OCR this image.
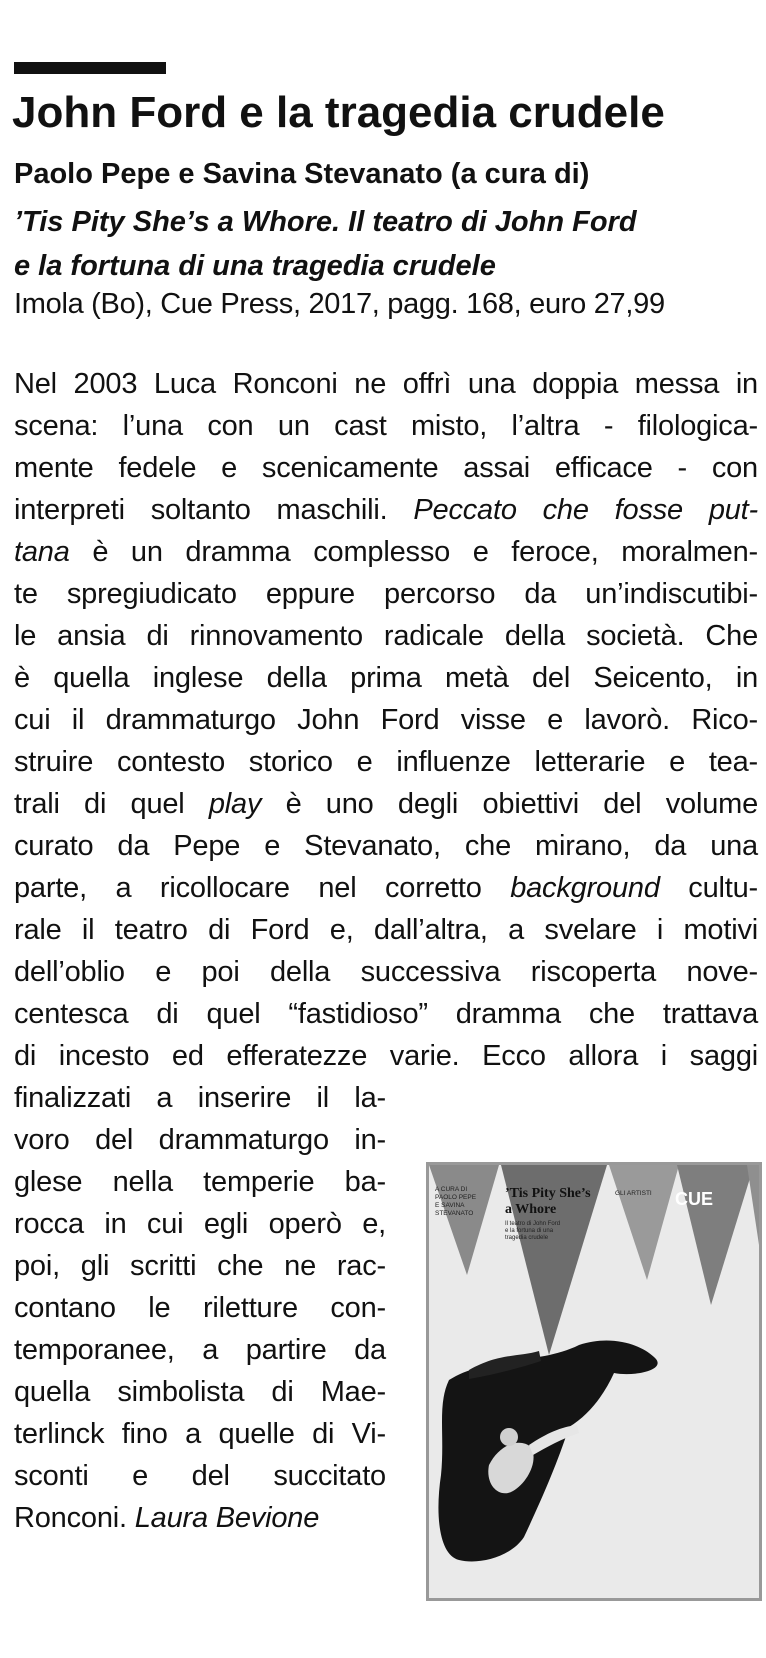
John Ford e la tragedia crudele
Paolo Pepe e Savina Stevanato (a cura di)
’Tis Pity She’s a Whore. Il teatro di John Ford
e la fortuna di una tragedia crudele
Imola (Bo), Cue Press, 2017, pagg. 168, euro 27,99
Nel 2003 Luca Ronconi ne offrì una doppia messa in
scena: l’una con un cast misto, l’altra - filologica-
mente fedele e scenicamente assai efficace - con
interpreti soltanto maschili. Peccato che fosse put-
tana è un dramma complesso e feroce, moralmen-
te spregiudicato eppure percorso da un’indiscutibi-
le ansia di rinnovamento radicale della società. Che
è quella inglese della prima metà del Seicento, in
cui il drammaturgo John Ford visse e lavorò. Rico-
struire contesto storico e influenze letterarie e tea-
trali di quel play è uno degli obiettivi del volume
curato da Pepe e Stevanato, che mirano, da una
parte, a ricollocare nel corretto background cultu-
rale il teatro di Ford e, dall’altra, a svelare i motivi
dell’oblio e poi della successiva riscoperta nove-
centesca di quel “fastidioso” dramma che trattava
di incesto ed efferatezze varie. Ecco allora i saggi
finalizzati a inserire il la-
voro del drammaturgo in-
glese nella temperie ba-
rocca in cui egli operò e,
poi, gli scritti che ne rac-
contano le riletture con-
temporanee, a partire da
quella simbolista di Mae-
terlinck fino a quelle di Vi-
sconti e del succitato
Ronconi. Laura Bevione
A CURA DI
PAOLO PEPE
E SAVINA
STEVANATO
’Tis Pity She’s
a Whore
Il teatro di John Ford
e la fortuna di una
tragedia crudele
GLI ARTISTI CUE
